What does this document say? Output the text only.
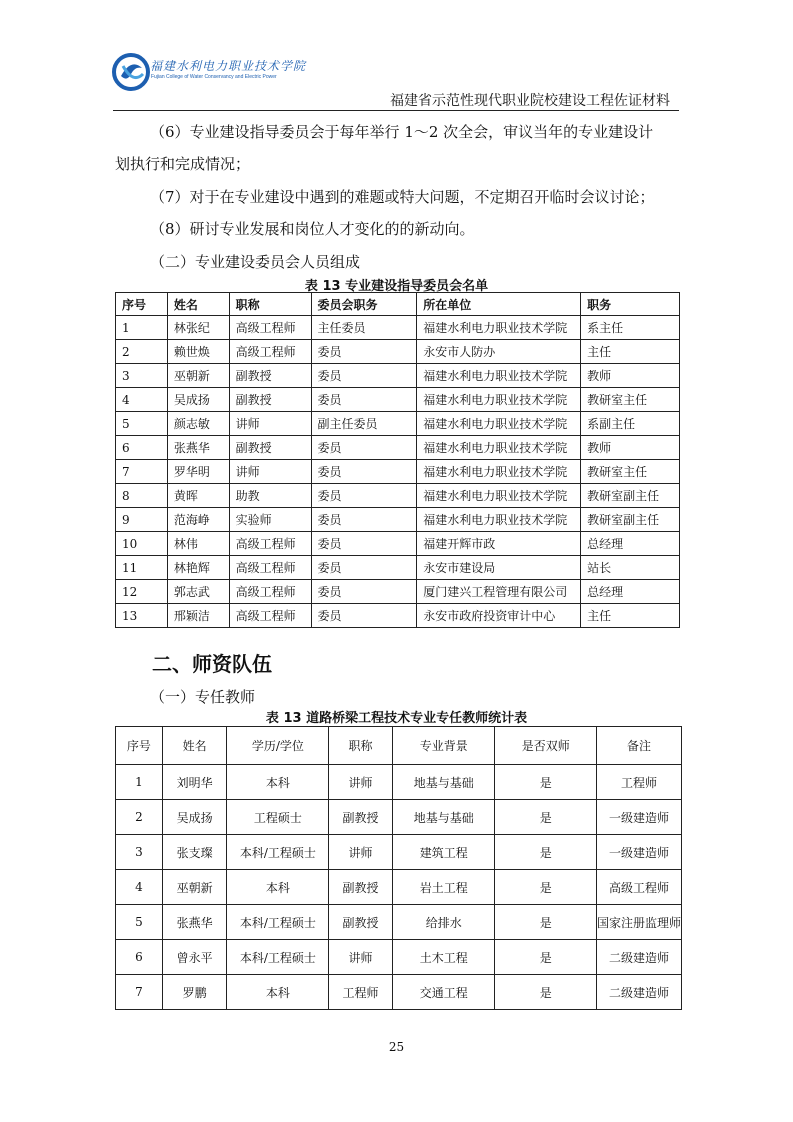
福建水利电力职业技术学院
Fujian College of Water Conservancy and Electric Power
福建省示范性现代职业院校建设工程佐证材料
（6）专业建设指导委员会于每年举行 1～2 次全会，审议当年的专业建设计
划执行和完成情况；
（7）对于在专业建设中遇到的难题或特大问题，不定期召开临时会议讨论；
（8）研讨专业发展和岗位人才变化的的新动向。
（二）专业建设委员会人员组成
表 13 专业建设指导委员会名单
序号	姓名	职称	委员会职务	所在单位	职务
1	林张纪	高级工程师	主任委员	福建水利电力职业技术学院	系主任
2	赖世焕	高级工程师	委员	永安市人防办	主任
3	巫朝新	副教授	委员	福建水利电力职业技术学院	教师
4	吴成扬	副教授	委员	福建水利电力职业技术学院	教研室主任
5	颜志敏	讲师	副主任委员	福建水利电力职业技术学院	系副主任
6	张燕华	副教授	委员	福建水利电力职业技术学院	教师
7	罗华明	讲师	委员	福建水利电力职业技术学院	教研室主任
8	黄晖	助教	委员	福建水利电力职业技术学院	教研室副主任
9	范海峥	实验师	委员	福建水利电力职业技术学院	教研室副主任
10	林伟	高级工程师	委员	福建开辉市政	总经理
11	林艳辉	高级工程师	委员	永安市建设局	站长
12	郭志武	高级工程师	委员	厦门建兴工程管理有限公司	总经理
13	邢颖洁	高级工程师	委员	永安市政府投资审计中心	主任
二、师资队伍
（一）专任教师
表 13 道路桥梁工程技术专业专任教师统计表
序号	姓名	学历/学位	职称	专业背景	是否双师	备注
1	刘明华	本科	讲师	地基与基础	是	工程师
2	吴成扬	工程硕士	副教授	地基与基础	是	一级建造师
3	张支璨	本科/工程硕士	讲师	建筑工程	是	一级建造师
4	巫朝新	本科	副教授	岩土工程	是	高级工程师
5	张燕华	本科/工程硕士	副教授	给排水	是	国家注册监理师
6	曾永平	本科/工程硕士	讲师	土木工程	是	二级建造师
7	罗鹏	本科	工程师	交通工程	是	二级建造师
25
